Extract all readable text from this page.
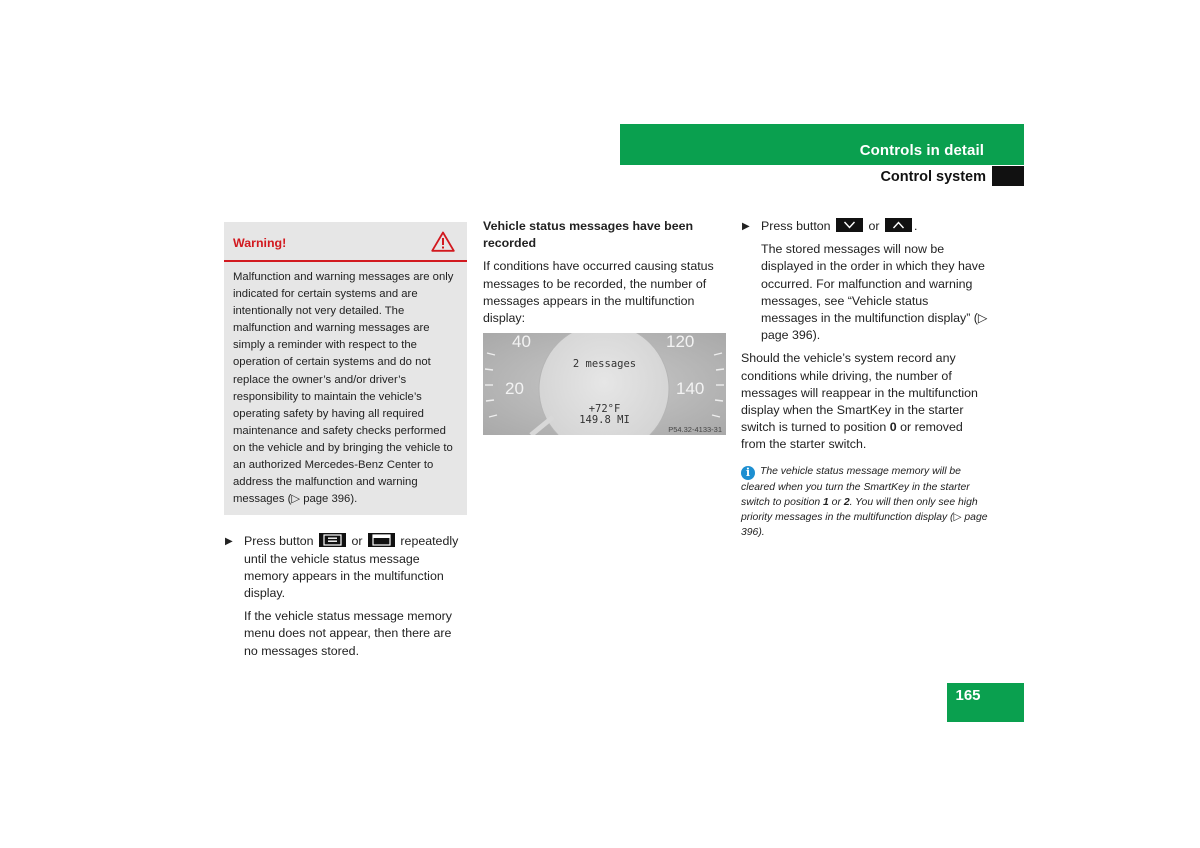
Controls in detail
Control system
Warning!
Malfunction and warning messages are only indicated for certain systems and are intentionally not very detailed. The malfunction and warning messages are simply a reminder with respect to the operation of certain systems and do not replace the owner’s and/or driver’s responsibility to maintain the vehicle’s operating safety by having all required maintenance and safety checks performed on the vehicle and by bringing the vehicle to an authorized Mercedes-Benz Center to address the malfunction and warning messages (▷ page 396).
▶ Press button	or	repeatedly until the vehicle status message memory appears in the multifunction display.
If the vehicle status message memory menu does not appear, then there are no messages stored.
Vehicle status messages have been recorded
If conditions have occurred causing status messages to be recorded, the number of messages appears in the multifunction display:
40
20
120
140
2 messages
+72°F
149.8 MI
P54.32-4133-31
▶ Press button	or	.
The stored messages will now be displayed in the order in which they have occurred. For malfunction and warning messages, see “Vehicle status messages in the multifunction display” (▷ page 396).
Should the vehicle’s system record any conditions while driving, the number of messages will reappear in the multifunction display when the SmartKey in the starter switch is turned to position 0 or removed from the starter switch.
i The vehicle status message memory will be cleared when you turn the SmartKey in the starter switch to position 1 or 2. You will then only see high priority messages in the multifunction display (▷ page 396).
165
